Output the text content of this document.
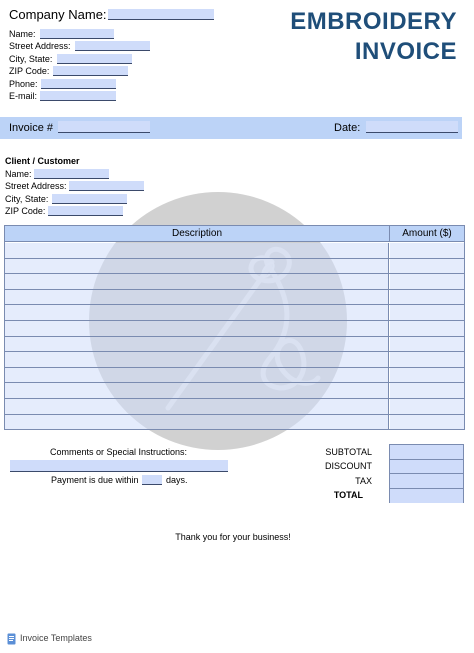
Company Name:
Name:
Street Address:
City, State:
ZIP Code:
Phone:
E-mail:
EMBROIDERY
INVOICE
Invoice #	Date:
Client / Customer
Name:
Street Address:
City, State:
ZIP Code:
Description	Amount ($)
Comments or Special Instructions:
Payment is due within	days.
SUBTOTAL
DISCOUNT
TAX
TOTAL
Thank you for your business!
Invoice Templates
